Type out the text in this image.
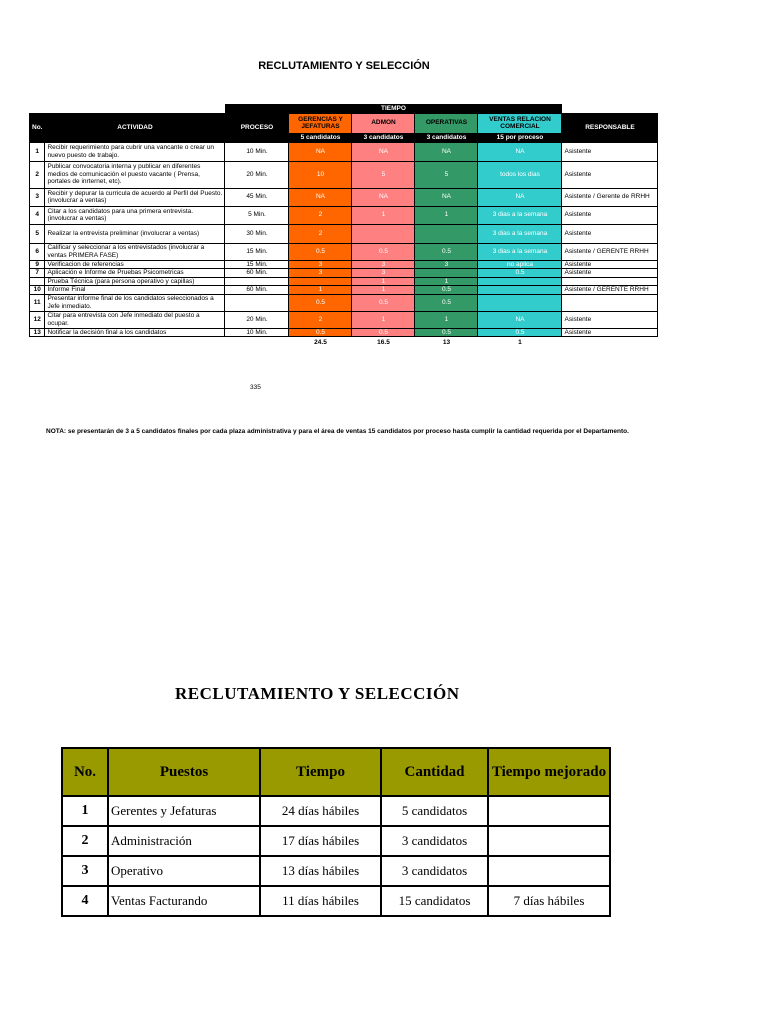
RECLUTAMIENTO Y SELECCIÓN
		TIEMPO					
No.	ACTIVIDAD	PROCESO	GERENCIAS Y JEFATURAS	ADMON	OPERATIVAS	VENTAS RELACION COMERCIAL	RESPONSABLE
			5 candidatos	3 candidatos	3 candidatos	15 por proceso	
1	Recibir requerimiento para cubrir una vancante o crear un nuevo puesto de trabajo.	10 Min.	NA	NA	NA	NA	Asistente
2	Publicar convocatoria interna y publicar en diferentes medios de comunicación el puesto vacante ( Prensa, portales de inrternet, etc).	20 Min.	10	5	5	todos los dias	Asistente
3	Recibir y depurar la curricula de acuerdo al Perfil del Puesto. (involucrar a ventas)	45 Min.	NA	NA	NA	NA	Asistente / Gerente de RRHH
4	Citar a los candidatos para una primera entrevista. (involucrar a ventas)	5 Min.	2	1	1	3 dias a la semana	Asistente
5	Realizar la entrevista preliminar (involucrar a ventas)	30 Min.	2			3 dias a la semana	Asistente
6	Calificar y seleccionar a los entrevistados (involucrar a ventas PRIMERA FASE)	15 Min.	0.5	0.5	0.5	3 dias a la semana	Asistente / GERENTE RRHH
9	Verificacion de referencias	15 Min.	3	3	3	no aplica	Asistente
7	Aplicación e Informe de Pruebas Psicometricas	60 Min.	3	3		0.5	Asistente
	Prueba Técnica (para persona operativo y capillas)			1	1		
10	Informe Final	60 Min.	1	1	0.5		Asistente / GERENTE RRHH
11	Presentar informe final de los candidatos seleccionados a Jefe inmediato.		0.5	0.5	0.5		
12	Citar para entrevista con Jefe inmediato del puesto a ocupar.	20 Min.	2	1	1	NA	Asistente
13	Notificar la decisión final a los candidatos	10 Min.	0.5	0.5	0.5	0.5	Asistente
			24.5	16.5	13	1	
335
NOTA: se presentarán de 3 a 5 candidatos finales por cada plaza administrativa y para el área de ventas 15 candidatos por proceso hasta cumplir la cantidad requerida por el Departamento.
RECLUTAMIENTO Y SELECCIÓN
No.	Puestos	Tiempo	Cantidad	Tiempo mejorado
1	Gerentes y Jefaturas	24 días hábiles	5 candidatos	
2	Administración	17 días hábiles	3 candidatos	
3	Operativo	13 días hábiles	3 candidatos	
4	Ventas Facturando	11 días hábiles	15 candidatos	7 días hábiles
